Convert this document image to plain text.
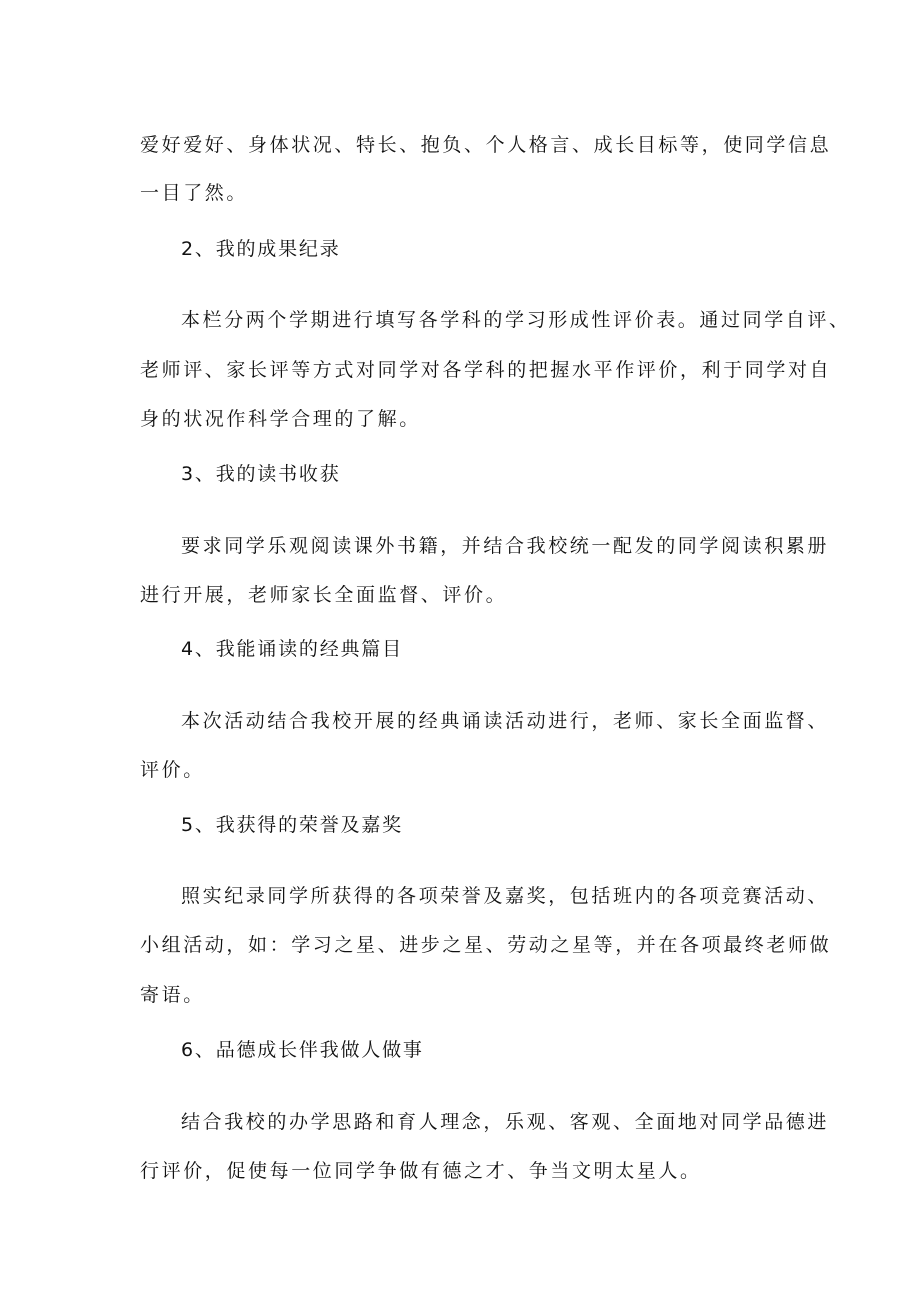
爱好爱好、身体状况、特长、抱负、个人格言、成长目标等，使同学信息
一目了然。
2、我的成果纪录
本栏分两个学期进行填写各学科的学习形成性评价表。通过同学自评、
老师评、家长评等方式对同学对各学科的把握水平作评价，利于同学对自
身的状况作科学合理的了解。
3、我的读书收获
要求同学乐观阅读课外书籍，并结合我校统一配发的同学阅读积累册
进行开展，老师家长全面监督、评价。
4、我能诵读的经典篇目
本次活动结合我校开展的经典诵读活动进行，老师、家长全面监督、
评价。
5、我获得的荣誉及嘉奖
照实纪录同学所获得的各项荣誉及嘉奖，包括班内的各项竞赛活动、
小组活动，如：学习之星、进步之星、劳动之星等，并在各项最终老师做
寄语。
6、品德成长伴我做人做事
结合我校的办学思路和育人理念，乐观、客观、全面地对同学品德进
行评价，促使每一位同学争做有德之才、争当文明太星人。
